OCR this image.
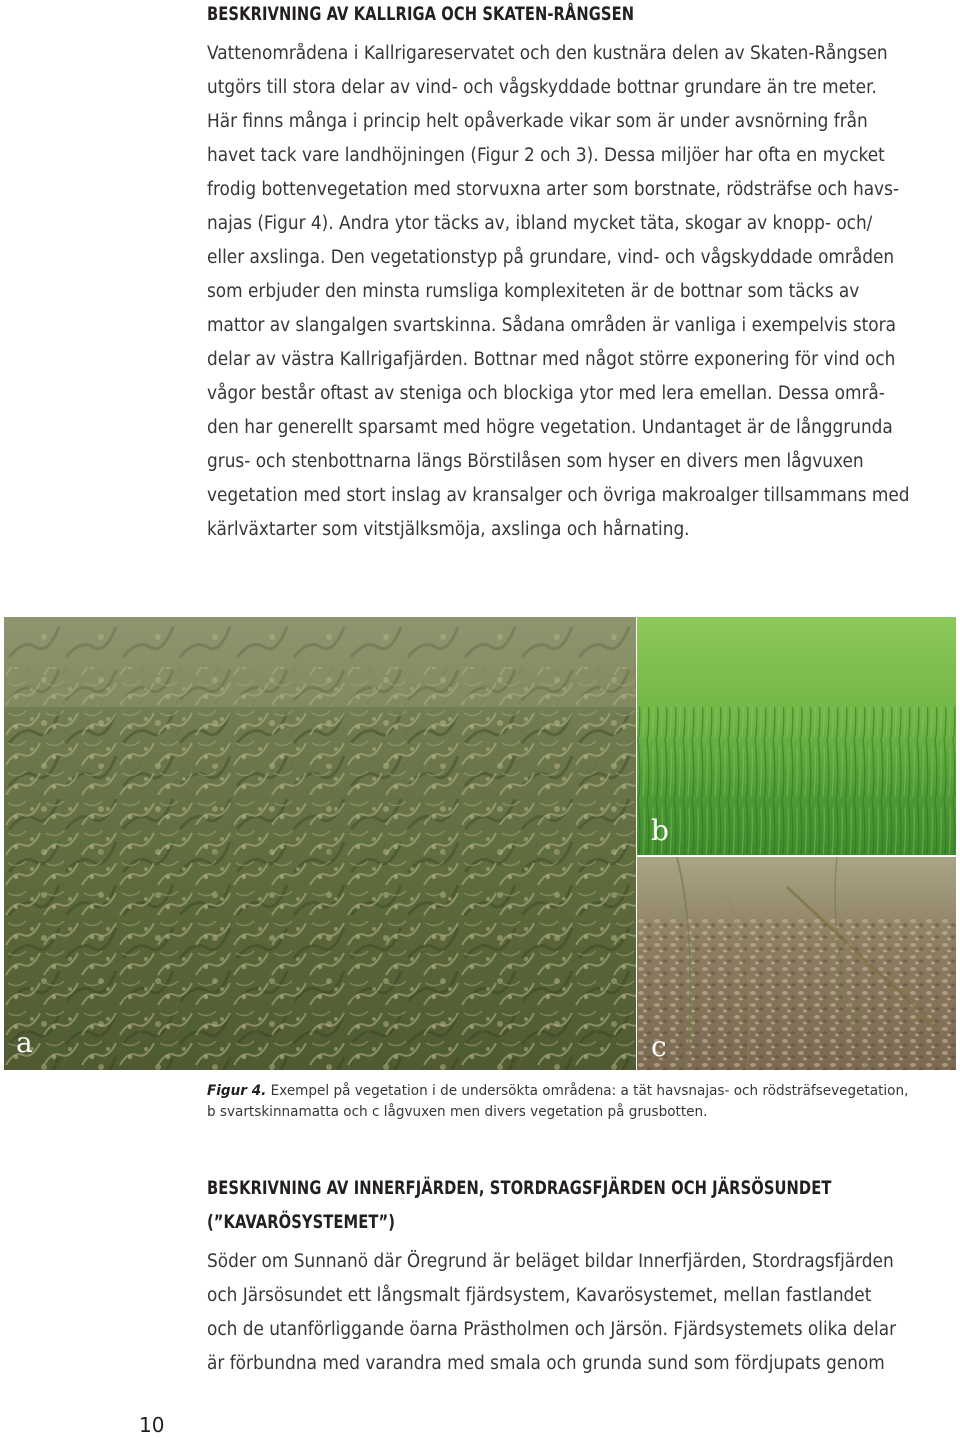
BESKRIVNING AV KALLRIGA OCH SKATEN-RÅNGSEN
Vattenområdena i Kallrigareservatet och den kustnära delen av Skaten-Rångsen
utgörs till stora delar av vind- och vågskyddade bottnar grundare än tre meter.
Här finns många i princip helt opåverkade vikar som är under avsnörning från
havet tack vare landhöjningen (Figur 2 och 3). Dessa miljöer har ofta en mycket
frodig bottenvegetation med storvuxna arter som borstnate, rödsträfse och havs-
najas (Figur 4). Andra ytor täcks av, ibland mycket täta, skogar av knopp- och/
eller axslinga. Den vegetationstyp på grundare, vind- och vågskyddade områden
som erbjuder den minsta rumsliga komplexiteten är de bottnar som täcks av
mattor av slangalgen svartskinna. Sådana områden är vanliga i exempelvis stora
delar av västra Kallrigafjärden. Bottnar med något större exponering för vind och
vågor består oftast av steniga och blockiga ytor med lera emellan. Dessa områ-
den har generellt sparsamt med högre vegetation. Undantaget är de långgrunda
grus- och stenbottnarna längs Börstilåsen som hyser en divers men lågvuxen
vegetation med stort inslag av kransalger och övriga makroalger tillsammans med
kärlväxtarter som vitstjälksmöja, axslinga och hårnating.
a
b
c
Figur 4. Exempel på vegetation i de undersökta områdena: a tät havsnajas- och rödsträfsevegetation,
b svartskinnamatta och c lågvuxen men divers vegetation på grusbotten.
BESKRIVNING AV INNERFJÄRDEN, STORDRAGSFJÄRDEN OCH JÄRSÖSUNDET
(”KAVARÖSYSTEMET”)
Söder om Sunnanö där Öregrund är beläget bildar Innerfjärden, Stordragsfjärden
och Järsösundet ett långsmalt fjärdsystem, Kavarösystemet, mellan fastlandet
och de utanförliggande öarna Prästholmen och Järsön. Fjärdsystemets olika delar
är förbundna med varandra med smala och grunda sund som fördjupats genom
10
